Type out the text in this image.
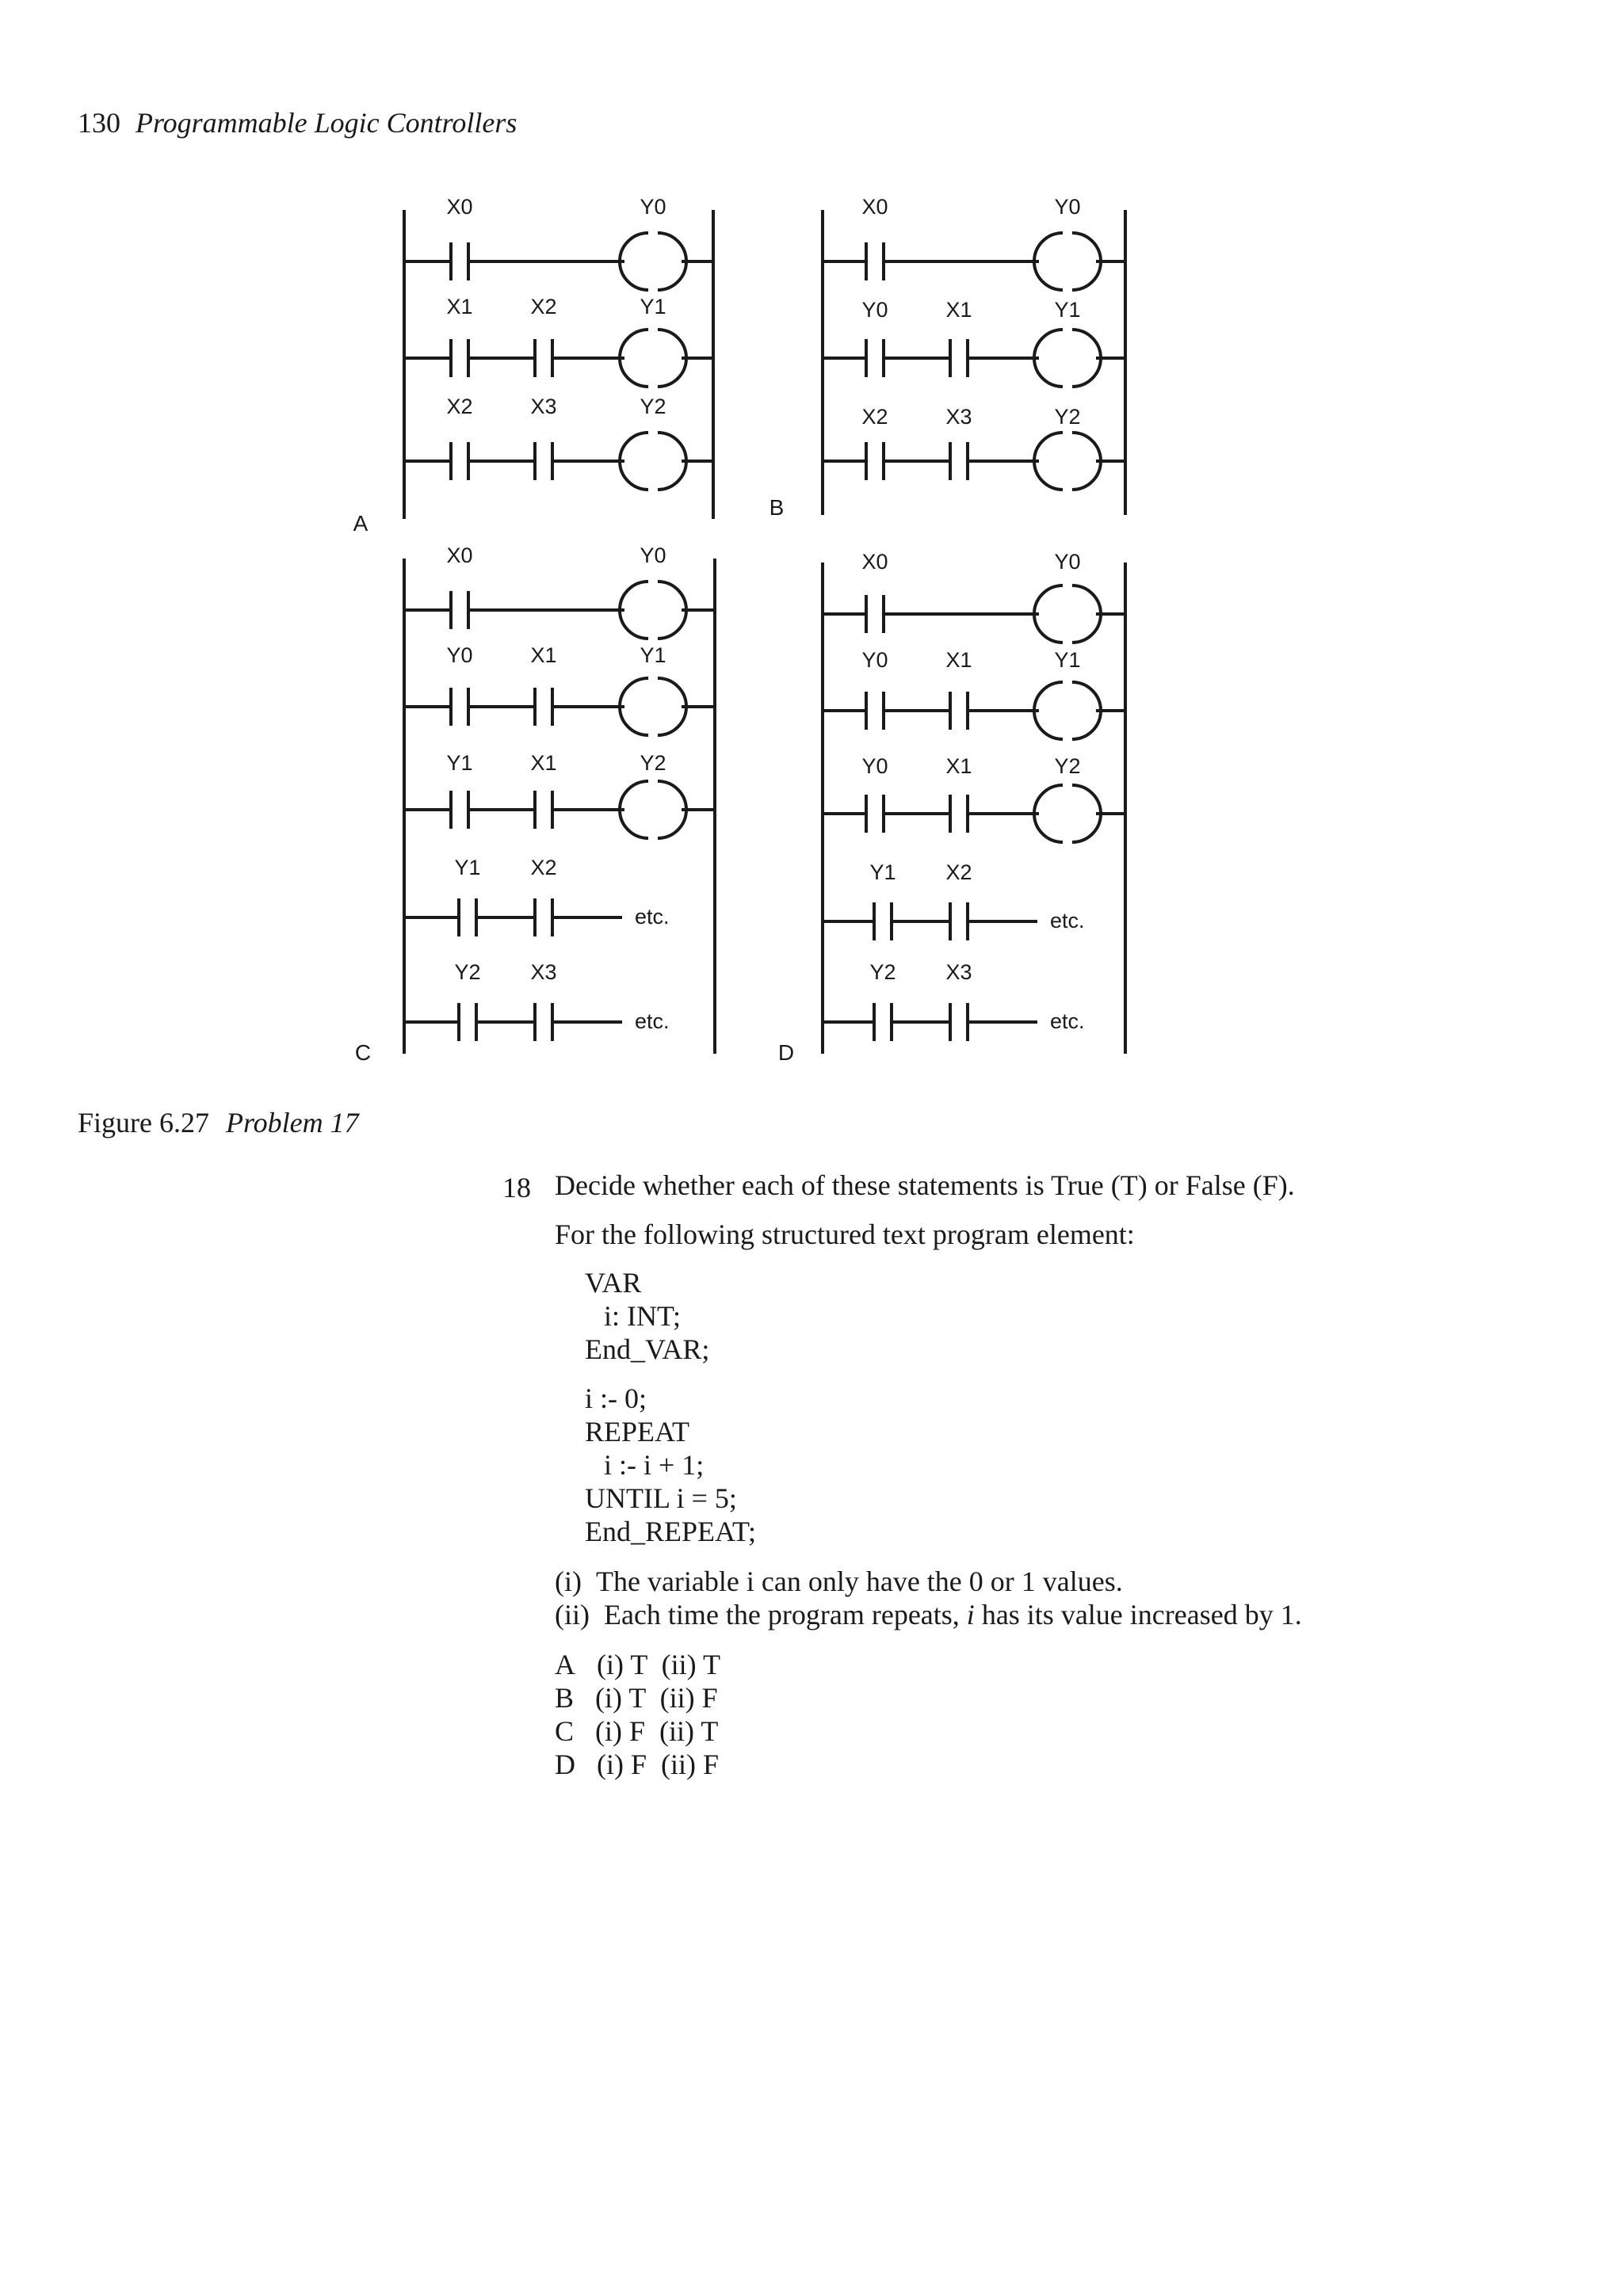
130 Programmable Logic Controllers
A
X0	Y0
X1	X2	Y1
X2	X3	Y2
B
X0	Y0
Y0	X1	Y1
X2	X3	Y2
C
X0	Y0
Y0	X1	Y1
Y1	X1	Y2
Y1 X2
etc.
Y2 X3
etc.
D
X0	Y0
Y0	X1	Y1
Y0	X1	Y2
Y1 X2
etc.
Y2 X3
etc.
Figure 6.27 Problem 17
18 Decide whether each of these statements is True (T) or False (F).
For the following structured text program element:
VAR
i: INT;
End_VAR;
i :- 0;
REPEAT
i :- i + 1;
UNTIL i = 5;
End_REPEAT;
(i) The variable i can only have the 0 or 1 values.
(ii) Each time the program repeats, i has its value increased by 1.
A (i) T  (ii) T
B (i) T  (ii) F
C (i) F  (ii) T
D (i) F  (ii) F
